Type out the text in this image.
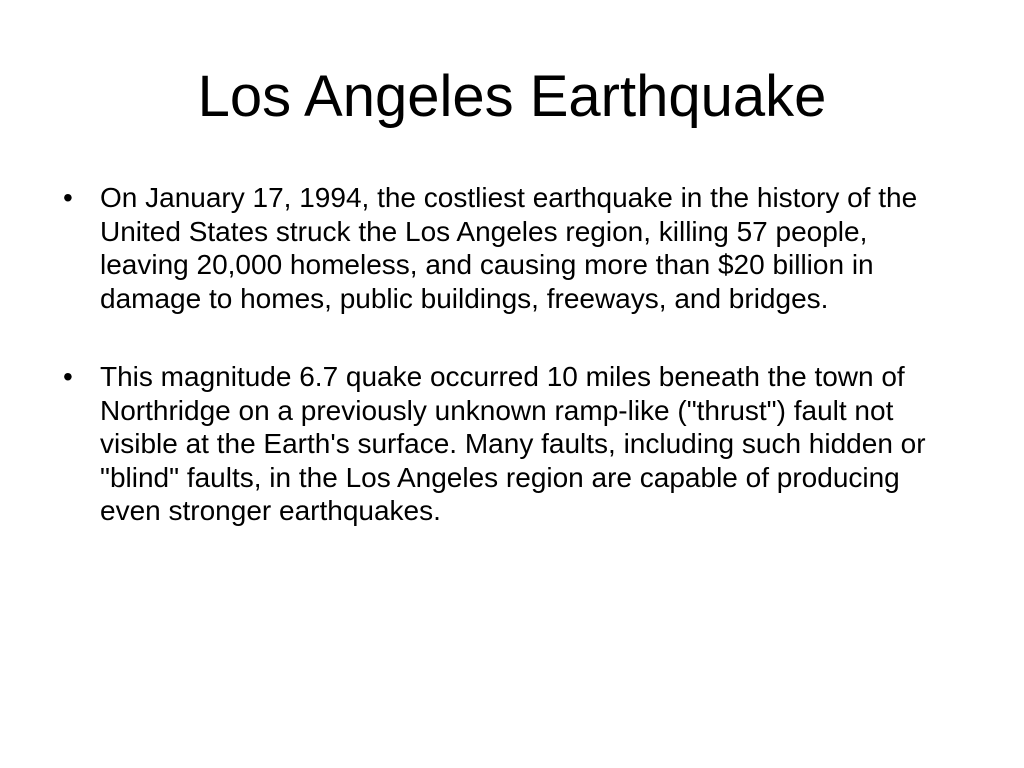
Los Angeles Earthquake
• On January 17, 1994, the costliest earthquake in the history of the United States struck the Los Angeles region, killing 57 people, leaving 20,000 homeless, and causing more than $20 billion in damage to homes, public buildings, freeways, and bridges.
• This magnitude 6.7 quake occurred 10 miles beneath the town of Northridge on a previously unknown ramp-like ("thrust") fault not visible at the Earth's surface. Many faults, including such hidden or "blind" faults, in the Los Angeles region are capable of producing even stronger earthquakes.
